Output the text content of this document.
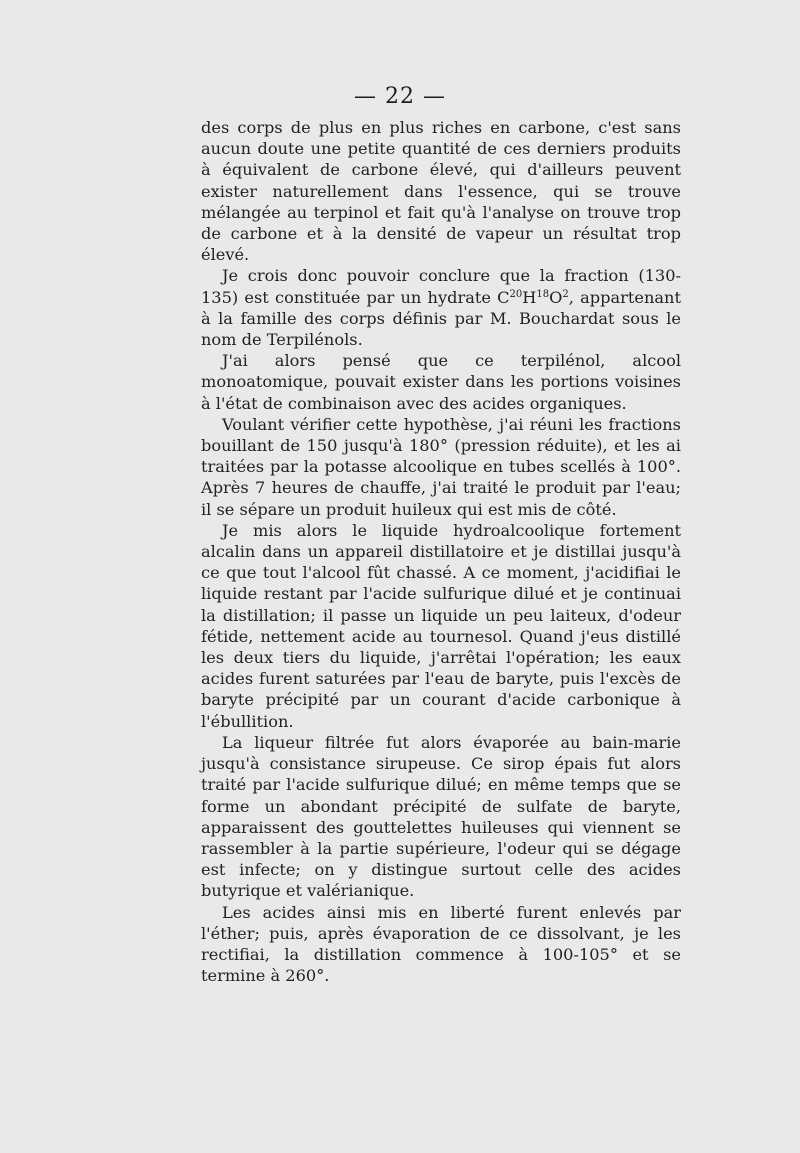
— 22 —

des corps de plus en plus riches en carbone, c'est sans aucun doute une petite quantité de ces derniers produits à équivalent de carbone élevé, qui d'ailleurs peuvent exister naturellement dans l'essence, qui se trouve mélangée au terpinol et fait qu'à l'analyse on trouve trop de carbone et à la densité de vapeur un résultat trop élevé.

Je crois donc pouvoir conclure que la fraction (130-135) est constituée par un hydrate $C^{20}H^{18}O^2$, appartenant à la famille des corps définis par M. Bouchardat sous le nom de Terpilénols.

J'ai alors pensé que ce terpilénol, alcool monoatomique, pouvait exister dans les portions voisines à l'état de combinaison avec des acides organiques.

Voulant vérifier cette hypothèse, j'ai réuni les fractions bouillant de 150 jusqu'à 180° (pression réduite), et les ai traitées par la potasse alcoolique en tubes scellés à 100°. Après 7 heures de chauffe, j'ai traité le produit par l'eau; il se sépare un produit huileux qui est mis de côté.

Je mis alors le liquide hydroalcoolique fortement alcalin dans un appareil distillatoire et je distillai jusqu'à ce que tout l'alcool fût chassé. A ce moment, j'acidifiai le liquide restant par l'acide sulfurique dilué et je continuai la distillation; il passe un liquide un peu laiteux, d'odeur fétide, nettement acide au tournesol. Quand j'eus distillé les deux tiers du liquide, j'arrêtai l'opération; les eaux acides furent saturées par l'eau de baryte, puis l'excès de baryte précipité par un courant d'acide carbonique à l'ébullition.

La liqueur filtrée fut alors évaporée au bain-marie jusqu'à consistance sirupeuse. Ce sirop épais fut alors traité par l'acide sulfurique dilué; en même temps que se forme un abondant précipité de sulfate de baryte, apparaissent des gouttelettes huileuses qui viennent se rassembler à la partie supérieure, l'odeur qui se dégage est infecte; on y distingue surtout celle des acides butyrique et valérianique.

Les acides ainsi mis en liberté furent enlevés par l'éther; puis, après évaporation de ce dissolvant, je les rectifiai, la distillation commence à 100-105° et se termine à 260°.
